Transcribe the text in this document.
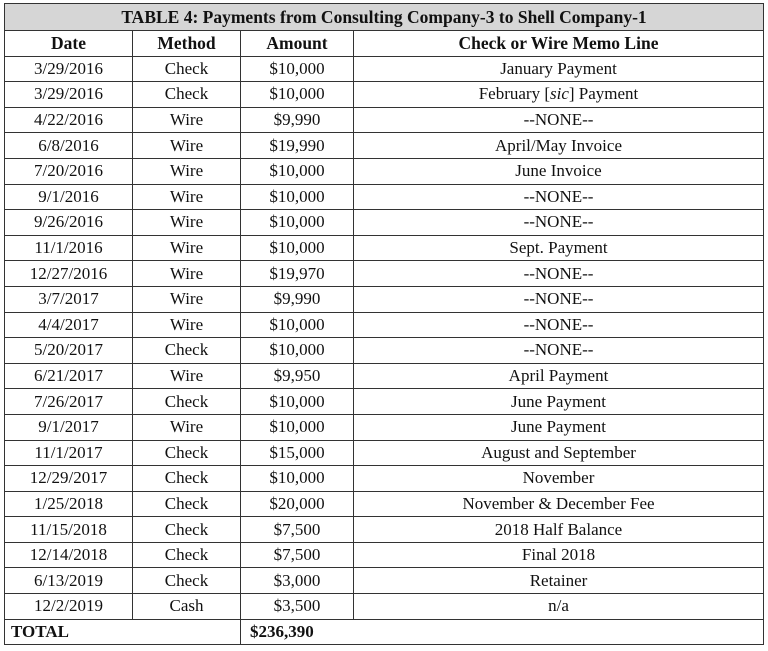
TABLE 4: Payments from Consulting Company-3 to Shell Company-1			
Date	Method	Amount	Check or Wire Memo Line
3/29/2016	Check	$10,000	January Payment
3/29/2016	Check	$10,000	February [sic] Payment
4/22/2016	Wire	$9,990	--NONE--
6/8/2016	Wire	$19,990	April/May Invoice
7/20/2016	Wire	$10,000	June Invoice
9/1/2016	Wire	$10,000	--NONE--
9/26/2016	Wire	$10,000	--NONE--
11/1/2016	Wire	$10,000	Sept. Payment
12/27/2016	Wire	$19,970	--NONE--
3/7/2017	Wire	$9,990	--NONE--
4/4/2017	Wire	$10,000	--NONE--
5/20/2017	Check	$10,000	--NONE--
6/21/2017	Wire	$9,950	April Payment
7/26/2017	Check	$10,000	June Payment
9/1/2017	Wire	$10,000	June Payment
11/1/2017	Check	$15,000	August and September
12/29/2017	Check	$10,000	November
1/25/2018	Check	$20,000	November & December Fee
11/15/2018	Check	$7,500	2018 Half Balance
12/14/2018	Check	$7,500	Final 2018
6/13/2019	Check	$3,000	Retainer
12/2/2019	Cash	$3,500	n/a
TOTAL		$236,390	
